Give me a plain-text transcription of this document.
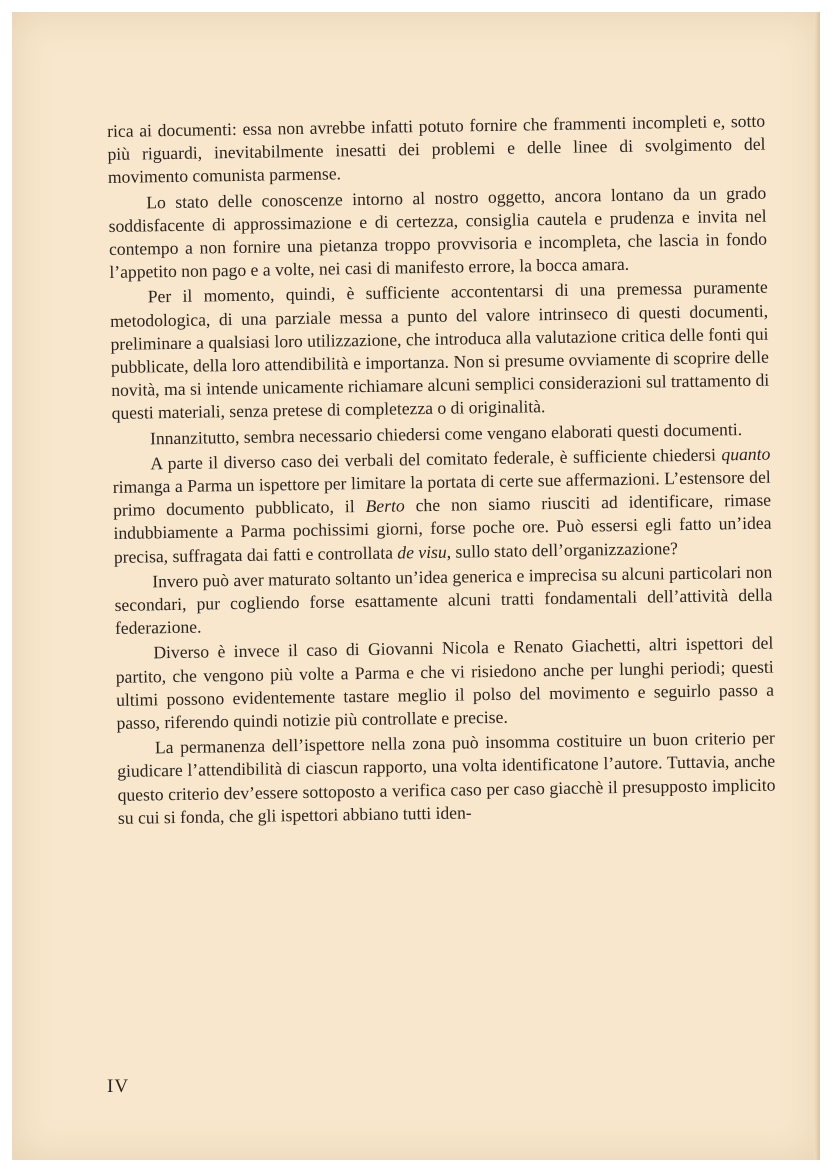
rica ai documenti: essa non avrebbe infatti potuto fornire che frammenti incompleti e, sotto più riguardi, inevitabilmente inesatti dei problemi e delle linee di svolgimento del movimento comunista parmense.

Lo stato delle conoscenze intorno al nostro oggetto, ancora lontano da un grado soddisfacente di approssimazione e di certezza, consiglia cautela e prudenza e invita nel contempo a non fornire una pietanza troppo provvisoria e incompleta, che lascia in fondo l’appetito non pago e a volte, nei casi di manifesto errore, la bocca amara.

Per il momento, quindi, è sufficiente accontentarsi di una premessa puramente metodologica, di una parziale messa a punto del valore intrinseco di questi documenti, preliminare a qualsiasi loro utilizzazione, che introduca alla valutazione critica delle fonti qui pubblicate, della loro attendibilità e importanza. Non si presume ovviamente di scoprire delle novità, ma si intende unicamente richiamare alcuni semplici considerazioni sul trattamento di questi materiali, senza pretese di completezza o di originalità.

Innanzitutto, sembra necessario chiedersi come vengano elaborati questi documenti.

A parte il diverso caso dei verbali del comitato federale, è sufficiente chiedersi quanto rimanga a Parma un ispettore per limitare la portata di certe sue affermazioni. L’estensore del primo documento pubblicato, il Berto che non siamo riusciti ad identificare, rimase indubbiamente a Parma pochissimi giorni, forse poche ore. Può essersi egli fatto un’idea precisa, suffragata dai fatti e controllata de visu, sullo stato dell’organizzazione?

Invero può aver maturato soltanto un’idea generica e imprecisa su alcuni particolari non secondari, pur cogliendo forse esattamente alcuni tratti fondamentali dell’attività della federazione.

Diverso è invece il caso di Giovanni Nicola e Renato Giachetti, altri ispettori del partito, che vengono più volte a Parma e che vi risiedono anche per lunghi periodi; questi ultimi possono evidentemente tastare meglio il polso del movimento e seguirlo passo a passo, riferendo quindi notizie più controllate e precise.

La permanenza dell’ispettore nella zona può insomma costituire un buon criterio per giudicare l’attendibilità di ciascun rapporto, una volta identificatone l’autore. Tuttavia, anche questo criterio dev’essere sottoposto a verifica caso per caso giacchè il presupposto implicito su cui si fonda, che gli ispettori abbiano tutti iden-

IV
